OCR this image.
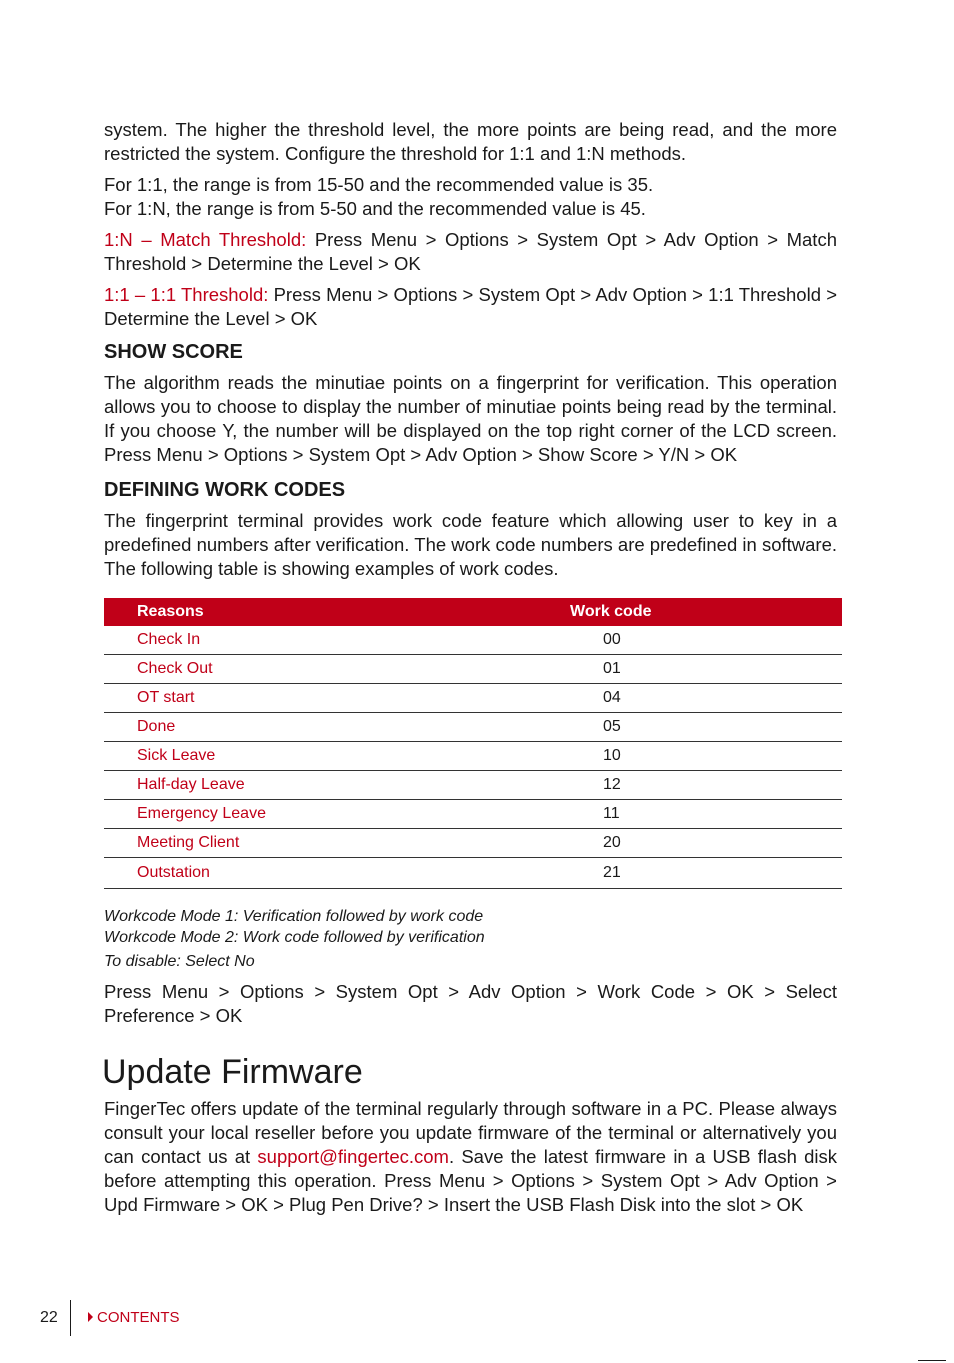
system. The higher the threshold level, the more points are being read, and the more restricted the system. Configure the threshold for 1:1 and 1:N methods.

For 1:1, the range is from 15-50 and the recommended value is 35.

For 1:N, the range is from 5-50 and the recommended value is 45.

1:N – Match Threshold: Press Menu > Options > System Opt > Adv Option > Match Threshold > Determine the Level > OK

1:1 – 1:1 Threshold: Press Menu > Options > System Opt > Adv Option > 1:1 Threshold > Determine the Level > OK

SHOW SCORE

The algorithm reads the minutiae points on a fingerprint for verification. This operation allows you to choose to display the number of minutiae points being read by the terminal. If you choose Y, the number will be displayed on the top right corner of the LCD screen. Press Menu > Options > System Opt > Adv Option > Show Score > Y/N > OK

DEFINING WORK CODES

The fingerprint terminal provides work code feature which allowing user to key in a predefined numbers after verification. The work code numbers are predefined in software. The following table is showing examples of work codes.

Reasons	Work code
Check In	00
Check Out	01
OT start	04
Done	05
Sick Leave	10
Half-day Leave	12
Emergency Leave	11
Meeting Client	20
Outstation	21
Workcode Mode 1: Verification followed by work code
Workcode Mode 2: Work code followed by verification
To disable: Select No

Press Menu > Options > System Opt > Adv Option > Work Code > OK > Select Preference > OK

Update Firmware

FingerTec offers update of the terminal regularly through software in a PC. Please always consult your local reseller before you update firmware of the terminal or alternatively you can contact us at support@fingertec.com. Save the latest firmware in a USB flash disk before attempting this operation. Press Menu > Options > System Opt > Adv Option > Upd Firmware > OK > Plug Pen Drive? > Insert the USB Flash Disk into the slot > OK

22	CONTENTS
